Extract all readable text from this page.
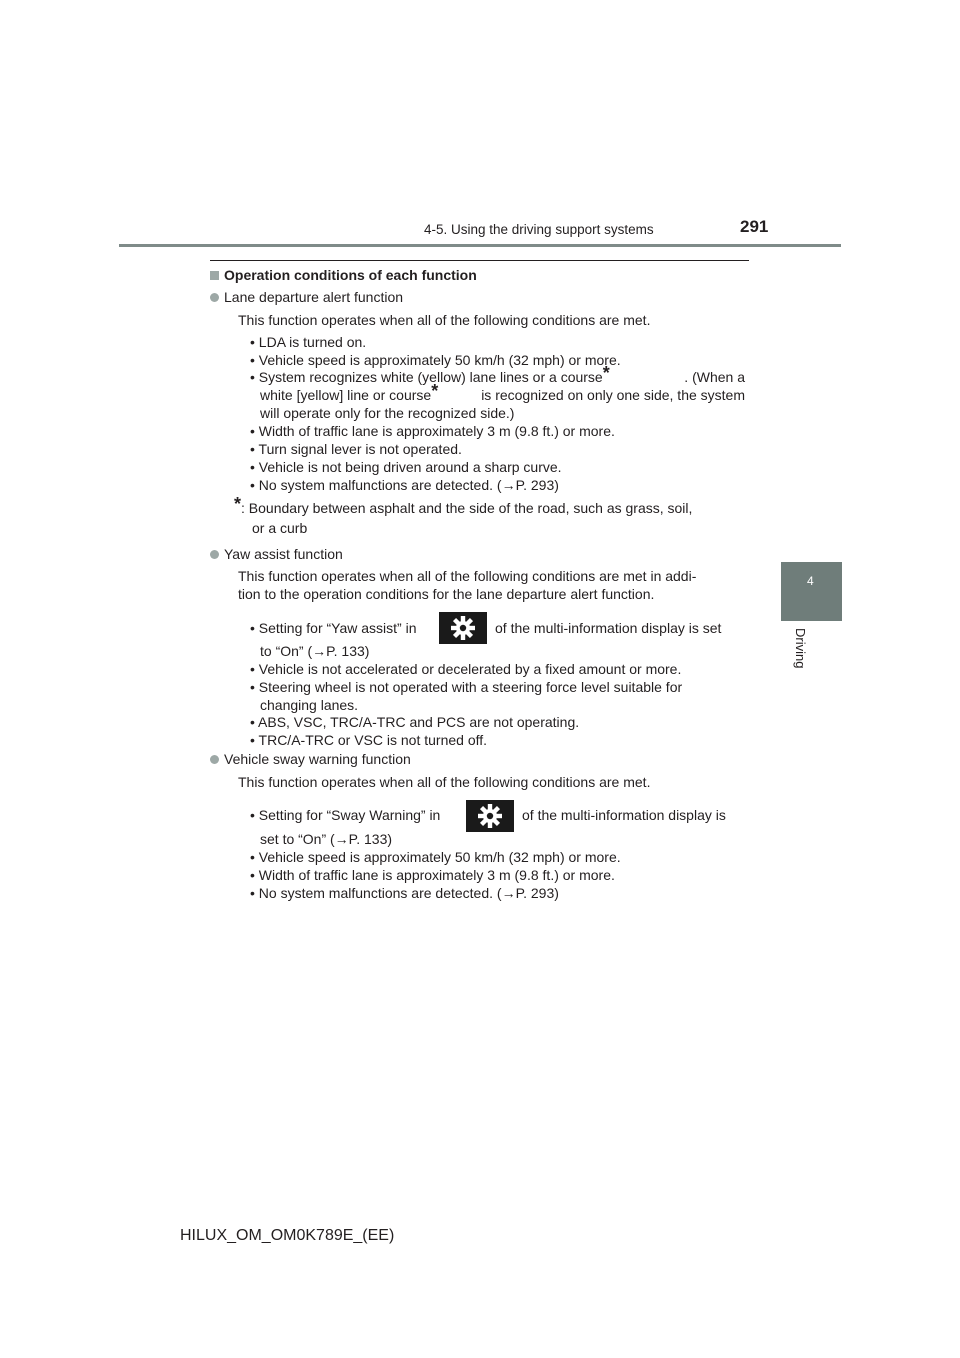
4-5. Using the driving support systems	291
4
Driving
Operation conditions of each function
Lane departure alert function
This function operates when all of the following conditions are met.
• LDA is turned on.
• Vehicle speed is approximately 50 km/h (32 mph) or more.
• System recognizes white (yellow) lane lines or a course*	. (When a
white [yellow] line or course*	is recognized on only one side, the system
will operate only for the recognized side.)
• Width of traffic lane is approximately 3 m (9.8 ft.) or more.
• Turn signal lever is not operated.
• Vehicle is not being driven around a sharp curve.
• No system malfunctions are detected. (→P. 293)
*: Boundary between asphalt and the side of the road, such as grass, soil,
or a curb
Yaw assist function
This function operates when all of the following conditions are met in addi-
tion to the operation conditions for the lane departure alert function.
• Setting for “Yaw assist” in	of the multi-information display is set
to “On” (→P. 133)
• Vehicle is not accelerated or decelerated by a fixed amount or more.
• Steering wheel is not operated with a steering force level suitable for
changing lanes.
• ABS, VSC, TRC/A-TRC and PCS are not operating.
• TRC/A-TRC or VSC is not turned off.
Vehicle sway warning function
This function operates when all of the following conditions are met.
• Setting for “Sway Warning” in	of the multi-information display is
set to “On” (→P. 133)
• Vehicle speed is approximately 50 km/h (32 mph) or more.
• Width of traffic lane is approximately 3 m (9.8 ft.) or more.
• No system malfunctions are detected. (→P. 293)
HILUX_OM_OM0K789E_(EE)
